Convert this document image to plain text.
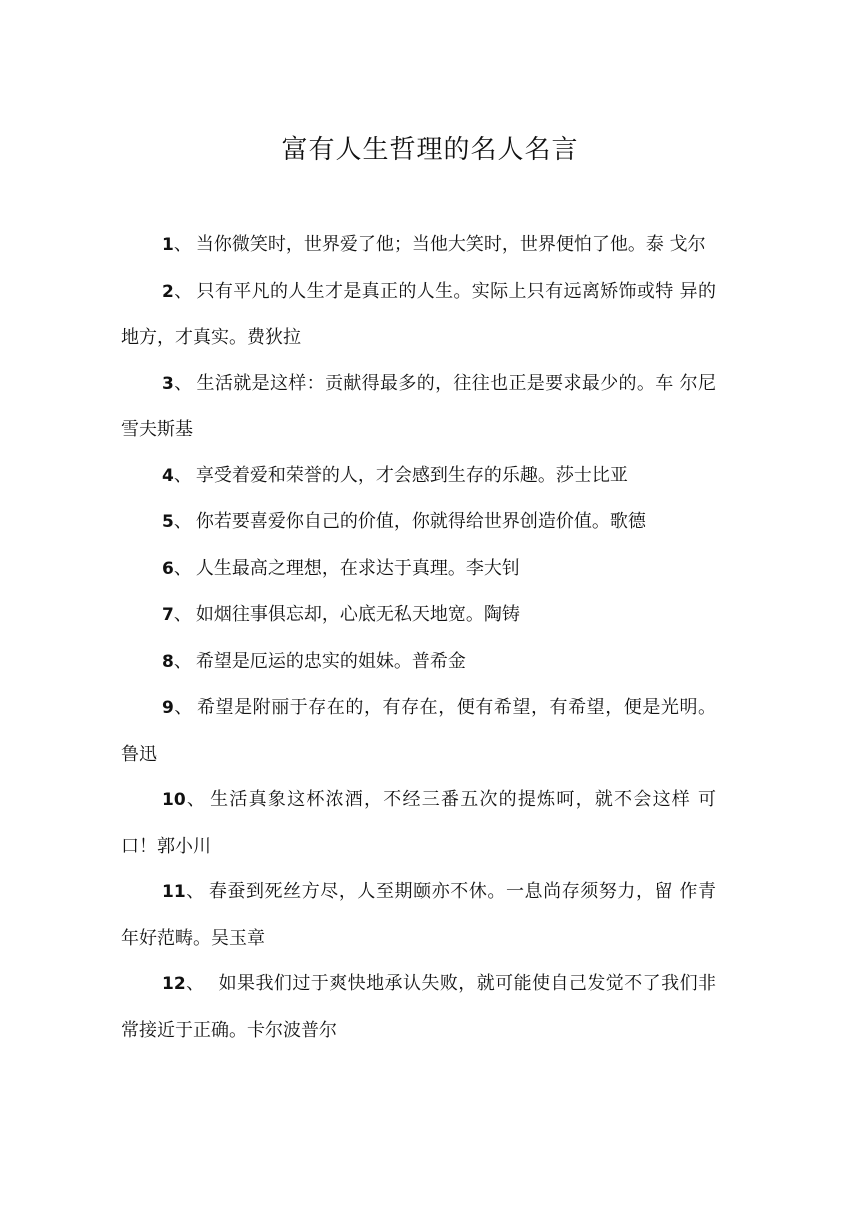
富有人生哲理的名人名言
1、 当你微笑时，世界爱了他；当他大笑时，世界便怕了他。泰 戈尔
2、 只有平凡的人生才是真正的人生。实际上只有远离矫饰或特 异的地方，才真实。费狄拉
3、 生活就是这样：贡献得最多的，往往也正是要求最少的。车 尔尼雪夫斯基
4、 享受着爱和荣誉的人，才会感到生存的乐趣。莎士比亚
5、 你若要喜爱你自己的价值，你就得给世界创造价值。歌德
6、 人生最高之理想，在求达于真理。李大钊
7、 如烟往事俱忘却，心底无私天地宽。陶铸
8、 希望是厄运的忠实的姐妹。普希金
9、 希望是附丽于存在的，有存在，便有希望，有希望，便是光明。鲁迅
10、 生活真象这杯浓酒，不经三番五次的提炼呵，就不会这样 可口！郭小川
11、 春蚕到死丝方尽，人至期颐亦不休。一息尚存须努力，留 作青年好范畴。吴玉章
12、 如果我们过于爽快地承认失败，就可能使自己发觉不了我们非常接近于正确。卡尔波普尔
